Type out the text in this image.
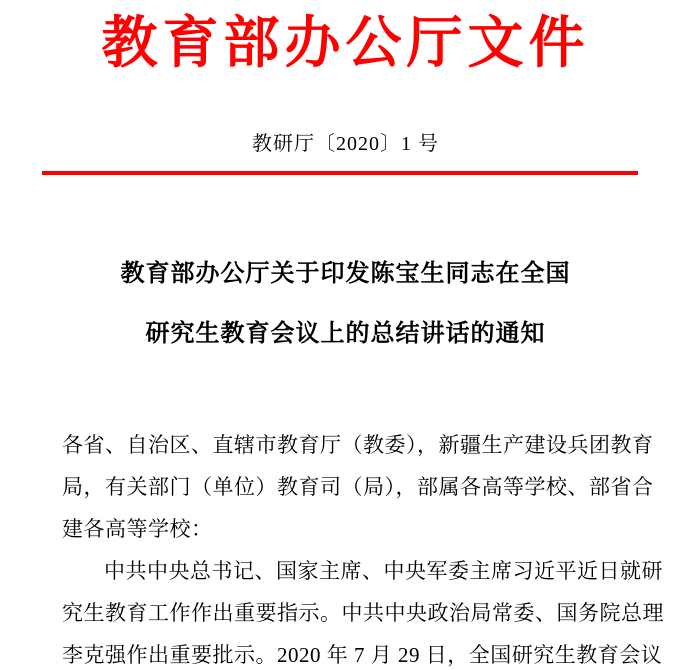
教育部办公厅文件
教研厅〔2020〕1 号
教育部办公厅关于印发陈宝生同志在全国
研究生教育会议上的总结讲话的通知
各省、自治区、直辖市教育厅（教委），新疆生产建设兵团教育
局，有关部门（单位）教育司（局），部属各高等学校、部省合
建各高等学校：
中共中央总书记、国家主席、中央军委主席习近平近日就研
究生教育工作作出重要指示。中共中央政治局常委、国务院总理
李克强作出重要批示。2020 年 7 月 29 日，全国研究生教育会议
